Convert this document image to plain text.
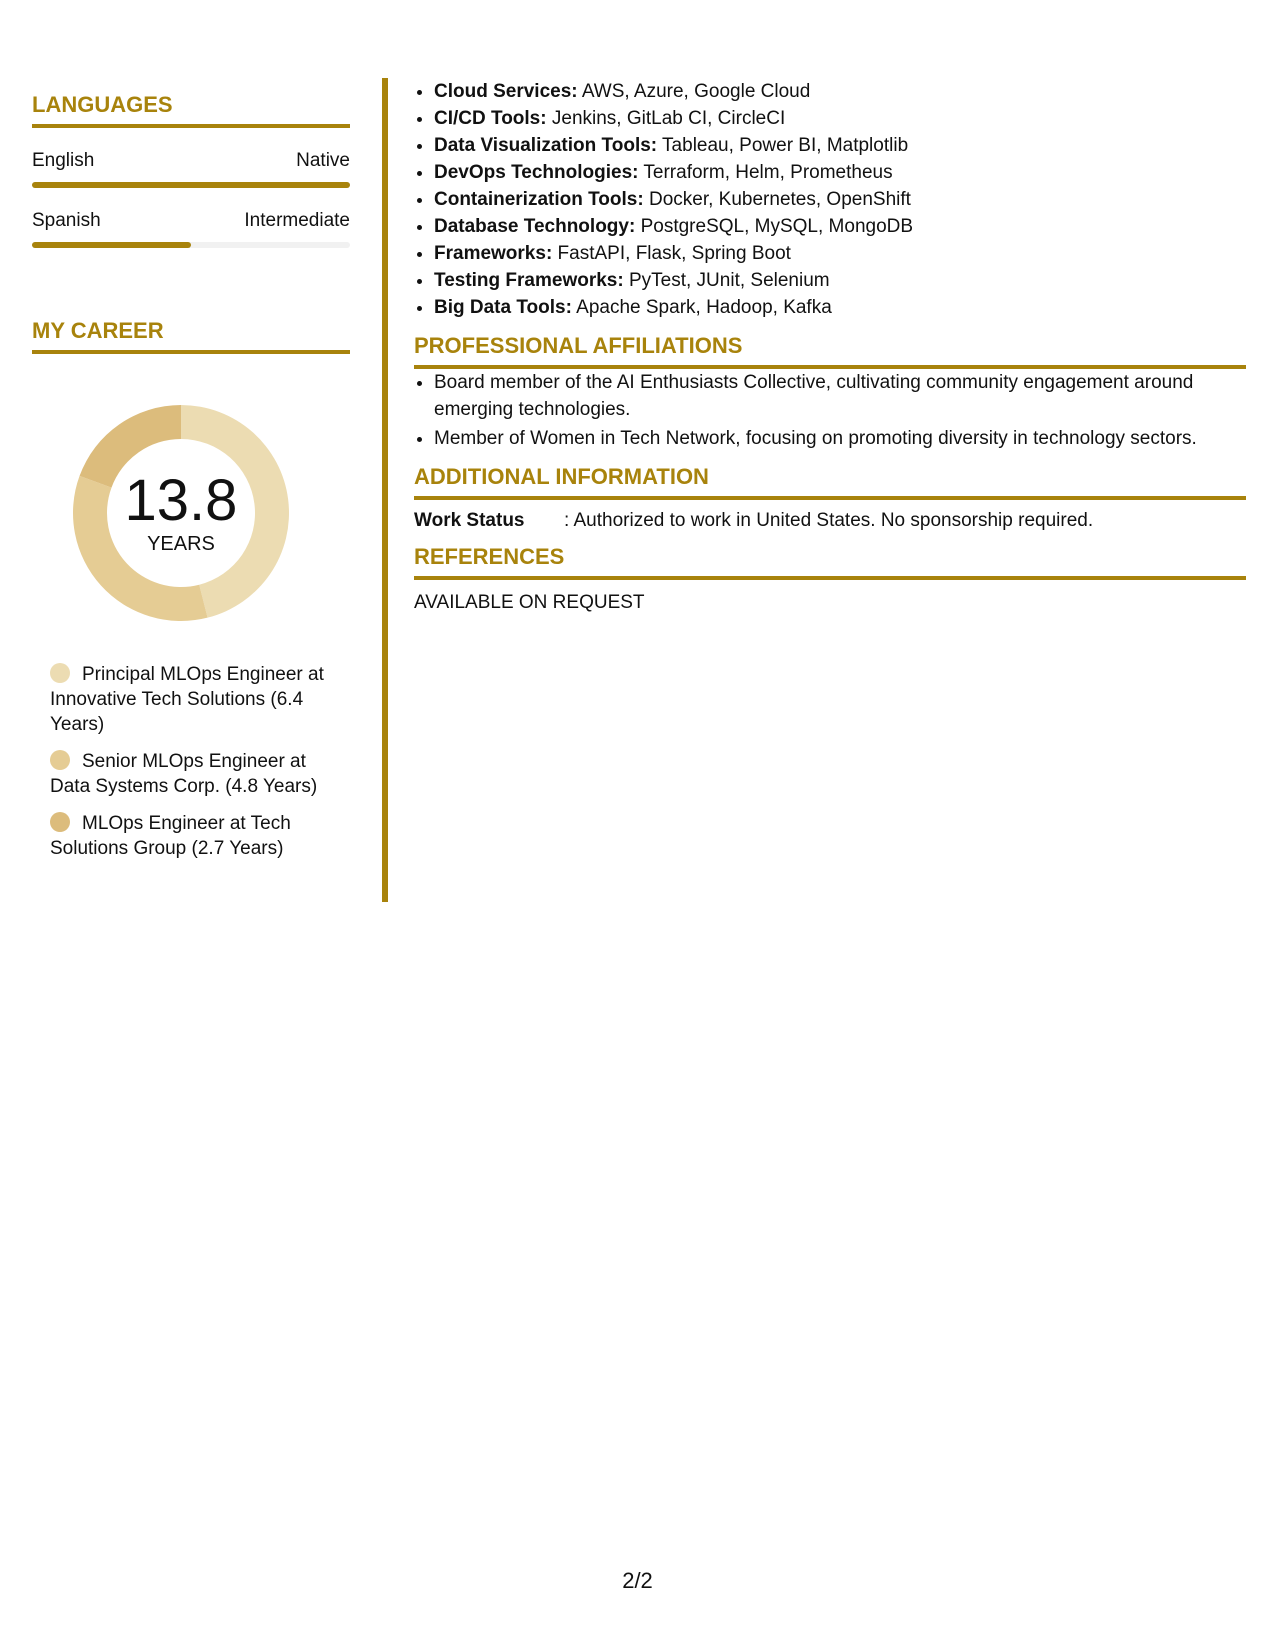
LANGUAGES
English	Native
Spanish	Intermediate
MY CAREER
13.8
YEARS
Principal MLOps Engineer at Innovative Tech Solutions (6.4 Years)
Senior MLOps Engineer at Data Systems Corp. (4.8 Years)
MLOps Engineer at Tech Solutions Group (2.7 Years)
• Cloud Services: AWS, Azure, Google Cloud
• CI/CD Tools: Jenkins, GitLab CI, CircleCI
• Data Visualization Tools: Tableau, Power BI, Matplotlib
• DevOps Technologies: Terraform, Helm, Prometheus
• Containerization Tools: Docker, Kubernetes, OpenShift
• Database Technology: PostgreSQL, MySQL, MongoDB
• Frameworks: FastAPI, Flask, Spring Boot
• Testing Frameworks: PyTest, JUnit, Selenium
• Big Data Tools: Apache Spark, Hadoop, Kafka
PROFESSIONAL AFFILIATIONS
• Board member of the AI Enthusiasts Collective, cultivating community engagement around emerging technologies.
• Member of Women in Tech Network, focusing on promoting diversity in technology sectors.
ADDITIONAL INFORMATION
Work Status	: Authorized to work in United States. No sponsorship required.
REFERENCES
AVAILABLE ON REQUEST
2/2
